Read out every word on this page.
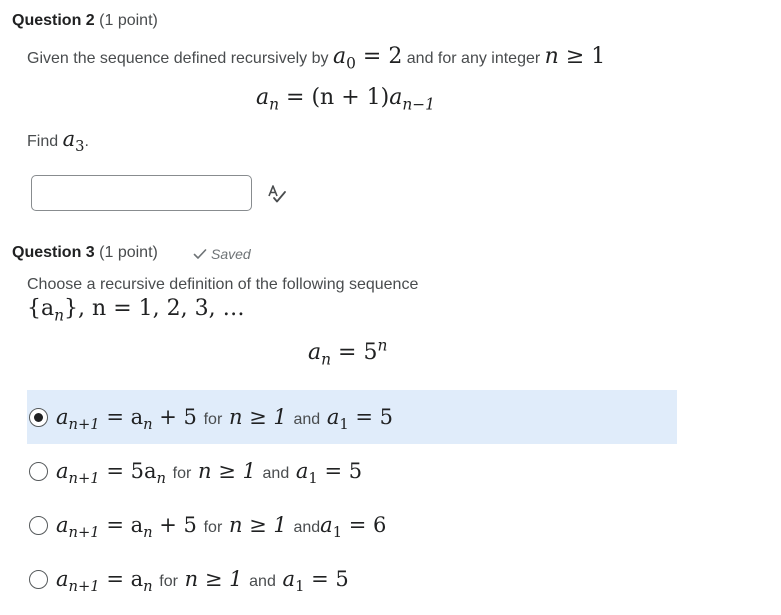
Question 2 (1 point)
Given the sequence defined recursively by $a_0 = 2$ and for any integer n ≥ 1
$a_n = (n + 1)a_{n-1}$
Find $a_3$.
Question 3 (1 point)	Saved
Choose a recursive definition of the following sequence
$\{a_n\}$, n = 1, 2, 3, …
$a_n = 5^n$
$a_{n+1} = a_n + 5$ for n ≥ 1 and $a_1 = 5$
$a_{n+1} = 5a_n$ for n ≥ 1 and $a_1 = 5$
$a_{n+1} = a_n + 5$ for n ≥ 1 anda$_1$ = 6
$a_{n+1} = a_n$ for n ≥ 1 and $a_1 = 5$
